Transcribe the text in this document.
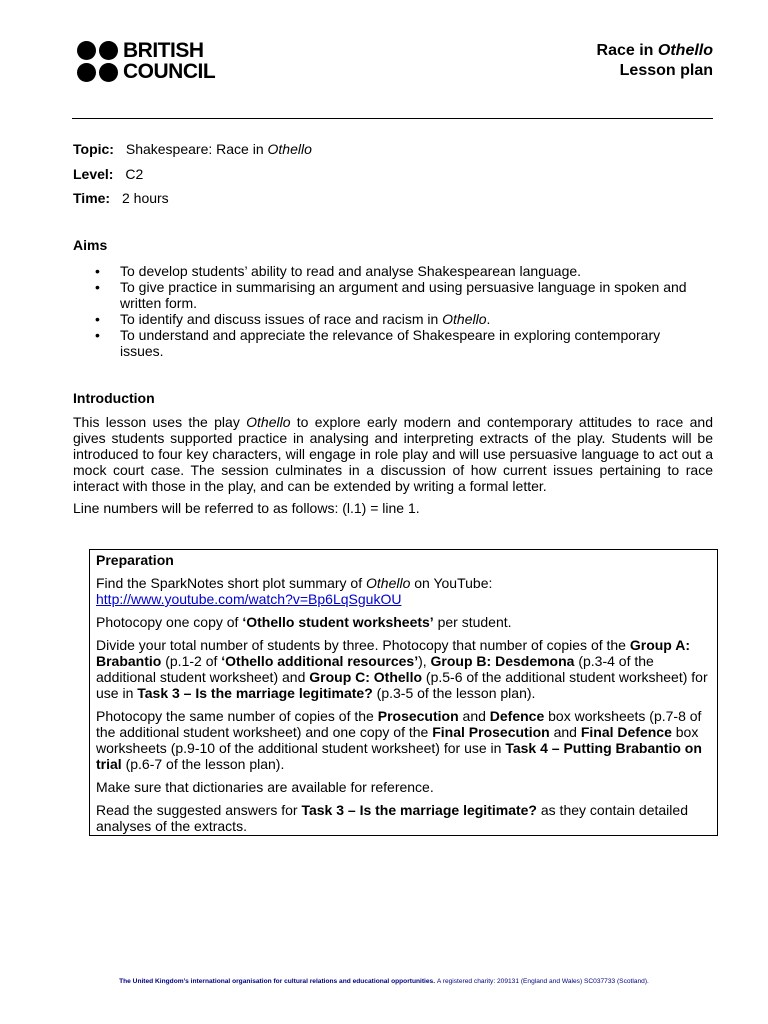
BRITISH
COUNCIL
Race in Othello
Lesson plan
Topic: Shakespeare: Race in Othello
Level: C2
Time: 2 hours
Aims
• To develop students’ ability to read and analyse Shakespearean language.
• To give practice in summarising an argument and using persuasive language in spoken and written form.
• To identify and discuss issues of race and racism in Othello.
• To understand and appreciate the relevance of Shakespeare in exploring contemporary issues.
Introduction

This lesson uses the play Othello to explore early modern and contemporary attitudes to race and gives students supported practice in analysing and interpreting extracts of the play. Students will be introduced to four key characters, will engage in role play and will use persuasive language to act out a mock court case. The session culminates in a discussion of how current issues pertaining to race interact with those in the play, and can be extended by writing a formal letter.

Line numbers will be referred to as follows: (l.1) = line 1.

Preparation

Find the SparkNotes short plot summary of Othello on YouTube:
http://www.youtube.com/watch?v=Bp6LqSgukOU

Photocopy one copy of ‘Othello student worksheets’ per student.

Divide your total number of students by three. Photocopy that number of copies of the Group A: Brabantio (p.1-2 of ‘Othello additional resources’), Group B: Desdemona (p.3-4 of the additional student worksheet) and Group C: Othello (p.5-6 of the additional student worksheet) for use in Task 3 – Is the marriage legitimate? (p.3-5 of the lesson plan).

Photocopy the same number of copies of the Prosecution and Defence box worksheets (p.7-8 of the additional student worksheet) and one copy of the Final Prosecution and Final Defence box worksheets (p.9-10 of the additional student worksheet) for use in Task 4 – Putting Brabantio on trial (p.6-7 of the lesson plan).

Make sure that dictionaries are available for reference.

Read the suggested answers for Task 3 – Is the marriage legitimate? as they contain detailed analyses of the extracts.

The United Kingdom’s international organisation for cultural relations and educational opportunities. A registered charity: 209131 (England and Wales) SC037733 (Scotland).
